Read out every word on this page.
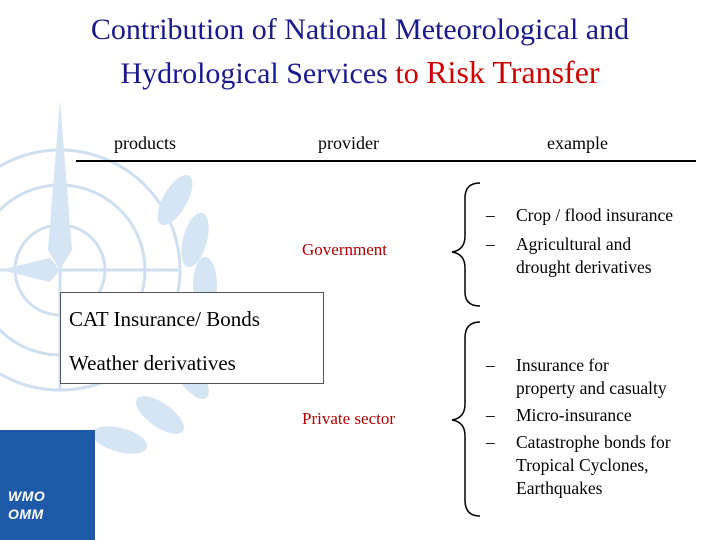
WMO
OMM
Contribution of National Meteorological and
Hydrological Services to Risk Transfer
products	provider	example
Government
Private sector
CAT Insurance/ Bonds
Weather derivatives
– Crop / flood insurance
– Agricultural and
drought derivatives
– Insurance for
property and casualty
– Micro-insurance
– Catastrophe bonds for
Tropical Cyclones,
Earthquakes
